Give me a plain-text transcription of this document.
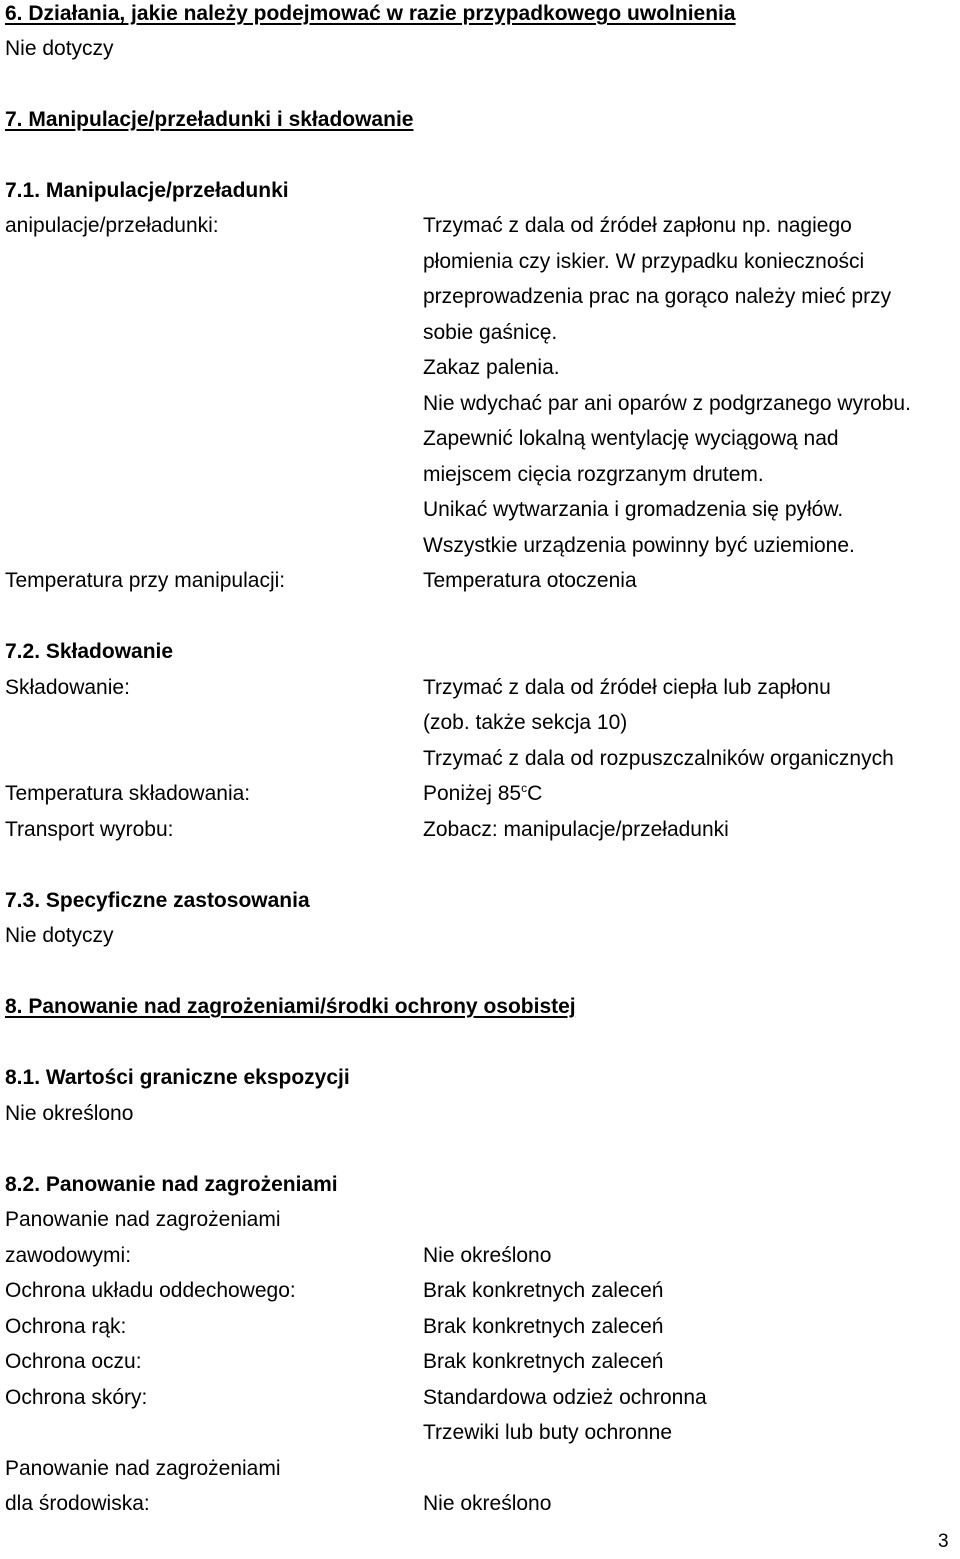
6. Działania, jakie należy podejmować w razie przypadkowego uwolnienia
Nie dotyczy
7. Manipulacje/przeładunki i składowanie
7.1. Manipulacje/przeładunki
anipulacje/przeładunki:	Trzymać z dala od źródeł zapłonu np. nagiego
płomienia czy iskier. W przypadku konieczności
przeprowadzenia prac na gorąco należy mieć przy
sobie gaśnicę.
Zakaz palenia.
Nie wdychać par ani oparów z podgrzanego wyrobu.
Zapewnić lokalną wentylację wyciągową nad
miejscem cięcia rozgrzanym drutem.
Unikać wytwarzania i gromadzenia się pyłów.
Wszystkie urządzenia powinny być uziemione.
Temperatura przy manipulacji:	Temperatura otoczenia
7.2. Składowanie
Składowanie:	Trzymać z dala od źródeł ciepła lub zapłonu
(zob. także sekcja 10)
Trzymać z dala od rozpuszczalników organicznych
Temperatura składowania:	Poniżej 85$^c$C
Transport wyrobu:	Zobacz: manipulacje/przeładunki
7.3. Specyficzne zastosowania
Nie dotyczy
8. Panowanie nad zagrożeniami/środki ochrony osobistej
8.1. Wartości graniczne ekspozycji
Nie określono
8.2. Panowanie nad zagrożeniami
Panowanie nad zagrożeniami
zawodowymi:	Nie określono
Ochrona układu oddechowego:	Brak konkretnych zaleceń
Ochrona rąk:	Brak konkretnych zaleceń
Ochrona oczu:	Brak konkretnych zaleceń
Ochrona skóry:	Standardowa odzież ochronna
Trzewiki lub buty ochronne
Panowanie nad zagrożeniami
dla środowiska:	Nie określono
3
